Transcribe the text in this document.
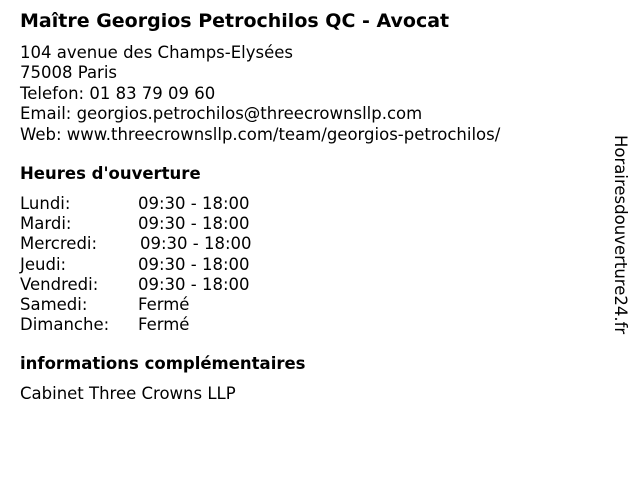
Maître Georgios Petrochilos QC - Avocat
104 avenue des Champs-Elysées
75008 Paris
Telefon: 01 83 79 09 60
Email: georgios.petrochilos@threecrownsllp.com
Web: www.threecrownsllp.com/team/georgios-petrochilos/
Heures d'ouverture
Lundi:	09:30 - 18:00
Mardi:	09:30 - 18:00
Mercredi:	09:30 - 18:00
Jeudi:	09:30 - 18:00
Vendredi: 09:30 - 18:00
Samedi:	Fermé
Dimanche: Fermé
informations complémentaires
Cabinet Three Crowns LLP
Horairesdouverture24.fr
